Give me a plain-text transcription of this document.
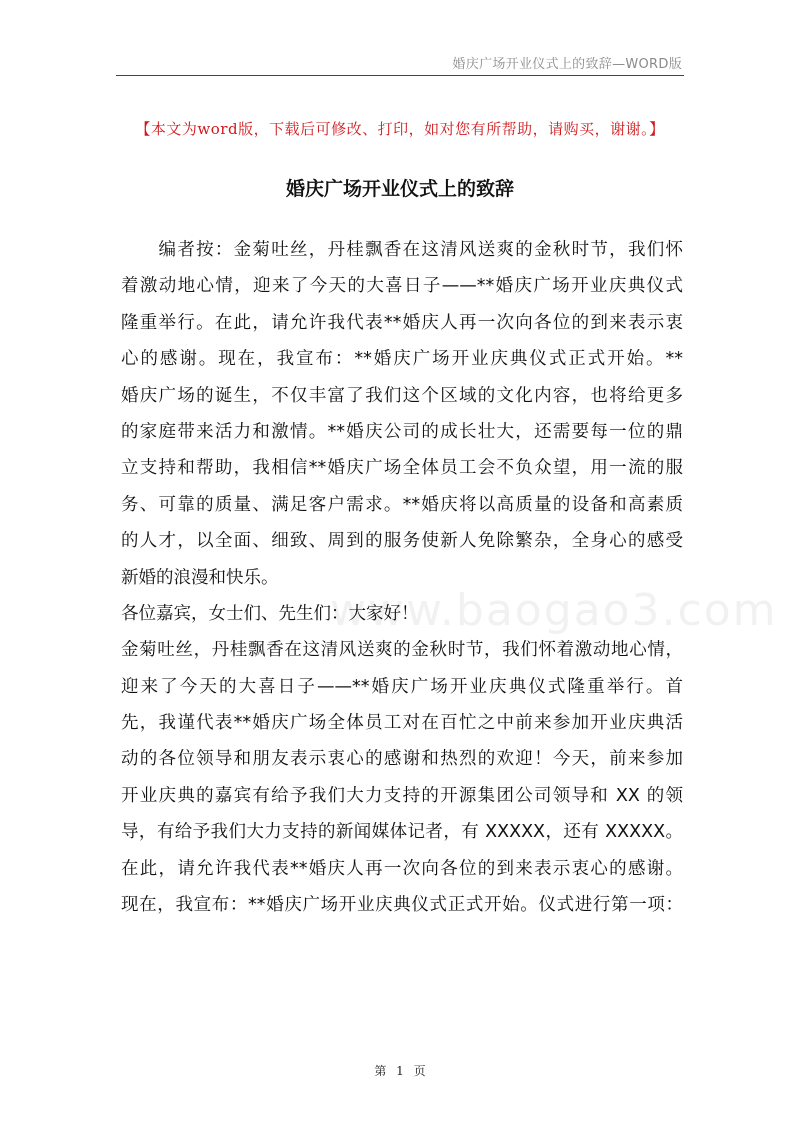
婚庆广场开业仪式上的致辞—WORD版
【本文为word版，下载后可修改、打印，如对您有所帮助，请购买，谢谢。】
婚庆广场开业仪式上的致辞
www.baogao3.com
　　编者按：金菊吐丝，丹桂飘香在这清风送爽的金秋时节，我们怀
着激动地心情，迎来了今天的大喜日子——**婚庆广场开业庆典仪式
隆重举行。在此，请允许我代表**婚庆人再一次向各位的到来表示衷
心的感谢。现在，我宣布：**婚庆广场开业庆典仪式正式开始。**
婚庆广场的诞生，不仅丰富了我们这个区域的文化内容，也将给更多
的家庭带来活力和激情。**婚庆公司的成长壮大，还需要每一位的鼎
立支持和帮助，我相信**婚庆广场全体员工会不负众望，用一流的服
务、可靠的质量、满足客户需求。**婚庆将以高质量的设备和高素质
的人才，以全面、细致、周到的服务使新人免除繁杂，全身心的感受
新婚的浪漫和快乐。
各位嘉宾，女士们、先生们：大家好！
金菊吐丝，丹桂飘香在这清风送爽的金秋时节，我们怀着激动地心情，
迎来了今天的大喜日子——**婚庆广场开业庆典仪式隆重举行。首
先，我谨代表**婚庆广场全体员工对在百忙之中前来参加开业庆典活
动的各位领导和朋友表示衷心的感谢和热烈的欢迎！今天，前来参加
开业庆典的嘉宾有给予我们大力支持的开源集团公司领导和 XX 的领
导，有给予我们大力支持的新闻媒体记者，有 XXXXX，还有 XXXXX。
在此，请允许我代表**婚庆人再一次向各位的到来表示衷心的感谢。
现在，我宣布：**婚庆广场开业庆典仪式正式开始。仪式进行第一项：
第 1 页
